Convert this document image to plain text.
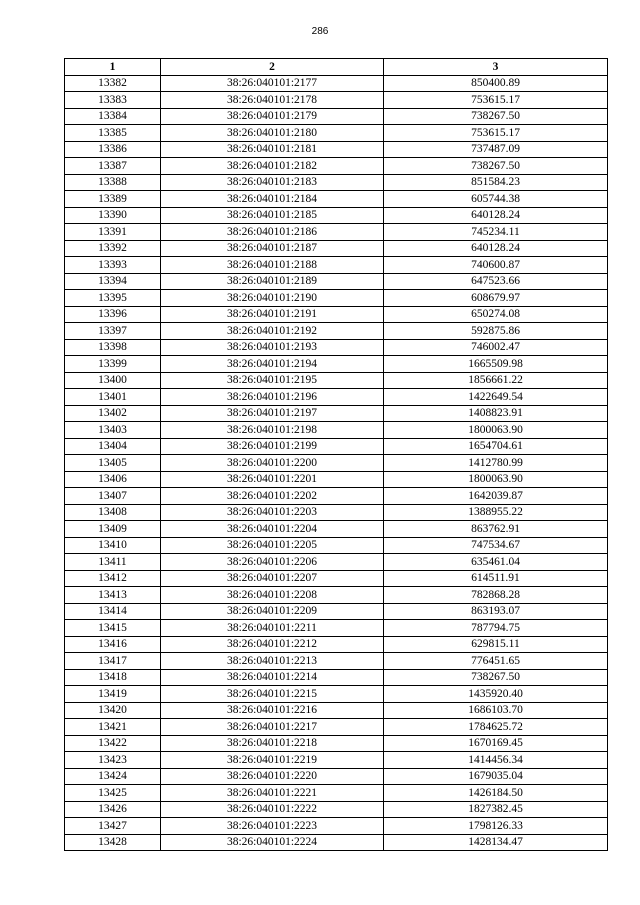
286
1	2	3
13382	38:26:040101:2177	850400.89
13383	38:26:040101:2178	753615.17
13384	38:26:040101:2179	738267.50
13385	38:26:040101:2180	753615.17
13386	38:26:040101:2181	737487.09
13387	38:26:040101:2182	738267.50
13388	38:26:040101:2183	851584.23
13389	38:26:040101:2184	605744.38
13390	38:26:040101:2185	640128.24
13391	38:26:040101:2186	745234.11
13392	38:26:040101:2187	640128.24
13393	38:26:040101:2188	740600.87
13394	38:26:040101:2189	647523.66
13395	38:26:040101:2190	608679.97
13396	38:26:040101:2191	650274.08
13397	38:26:040101:2192	592875.86
13398	38:26:040101:2193	746002.47
13399	38:26:040101:2194	1665509.98
13400	38:26:040101:2195	1856661.22
13401	38:26:040101:2196	1422649.54
13402	38:26:040101:2197	1408823.91
13403	38:26:040101:2198	1800063.90
13404	38:26:040101:2199	1654704.61
13405	38:26:040101:2200	1412780.99
13406	38:26:040101:2201	1800063.90
13407	38:26:040101:2202	1642039.87
13408	38:26:040101:2203	1388955.22
13409	38:26:040101:2204	863762.91
13410	38:26:040101:2205	747534.67
13411	38:26:040101:2206	635461.04
13412	38:26:040101:2207	614511.91
13413	38:26:040101:2208	782868.28
13414	38:26:040101:2209	863193.07
13415	38:26:040101:2211	787794.75
13416	38:26:040101:2212	629815.11
13417	38:26:040101:2213	776451.65
13418	38:26:040101:2214	738267.50
13419	38:26:040101:2215	1435920.40
13420	38:26:040101:2216	1686103.70
13421	38:26:040101:2217	1784625.72
13422	38:26:040101:2218	1670169.45
13423	38:26:040101:2219	1414456.34
13424	38:26:040101:2220	1679035.04
13425	38:26:040101:2221	1426184.50
13426	38:26:040101:2222	1827382.45
13427	38:26:040101:2223	1798126.33
13428	38:26:040101:2224	1428134.47
